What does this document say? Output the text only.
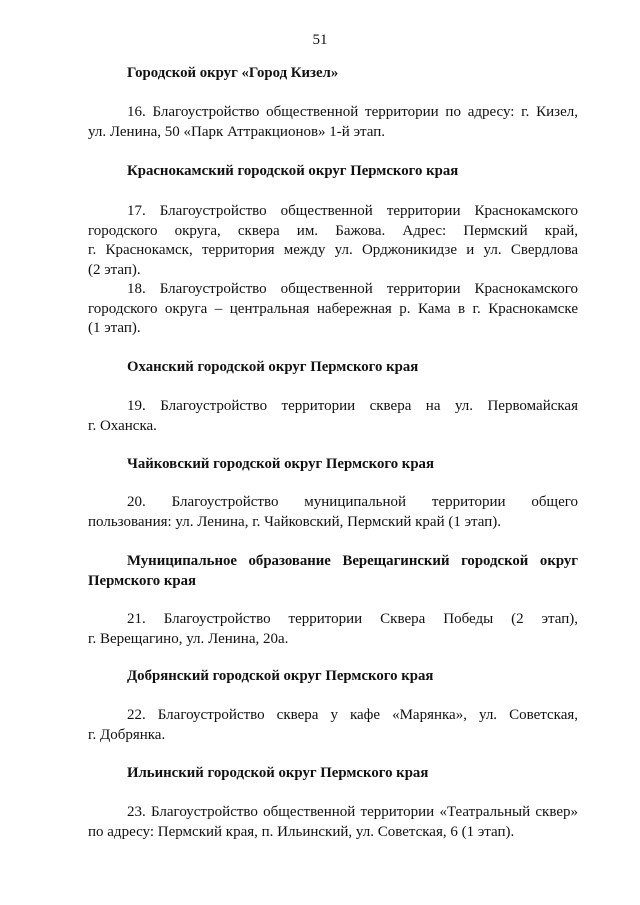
51
Городской округ «Город Кизел»
16. Благоустройство общественной территории по адресу: г. Кизел,
ул. Ленина, 50 «Парк Аттракционов» 1-й этап.
Краснокамский городской округ Пермского края
17. Благоустройство общественной территории Краснокамского
городского округа, сквера им. Бажова. Адрес: Пермский край,
г. Краснокамск, территория между ул. Орджоникидзе и ул. Свердлова
(2 этап).
18. Благоустройство общественной территории Краснокамского
городского округа – центральная набережная р. Кама в г. Краснокамске
(1 этап).
Оханский городской округ Пермского края
19. Благоустройство территории сквера на ул. Первомайская
г. Оханска.
Чайковский городской округ Пермского края
20. Благоустройство муниципальной территории общего
пользования: ул. Ленина, г. Чайковский, Пермский край (1 этап).
Муниципальное образование Верещагинский городской округ
Пермского края
21. Благоустройство территории Сквера Победы (2 этап),
г. Верещагино, ул. Ленина, 20а.
Добрянский городской округ Пермского края
22. Благоустройство сквера у кафе «Марянка», ул. Советская,
г. Добрянка.
Ильинский городской округ Пермского края
23. Благоустройство общественной территории «Театральный сквер»
по адресу: Пермский края, п. Ильинский, ул. Советская, 6 (1 этап).
